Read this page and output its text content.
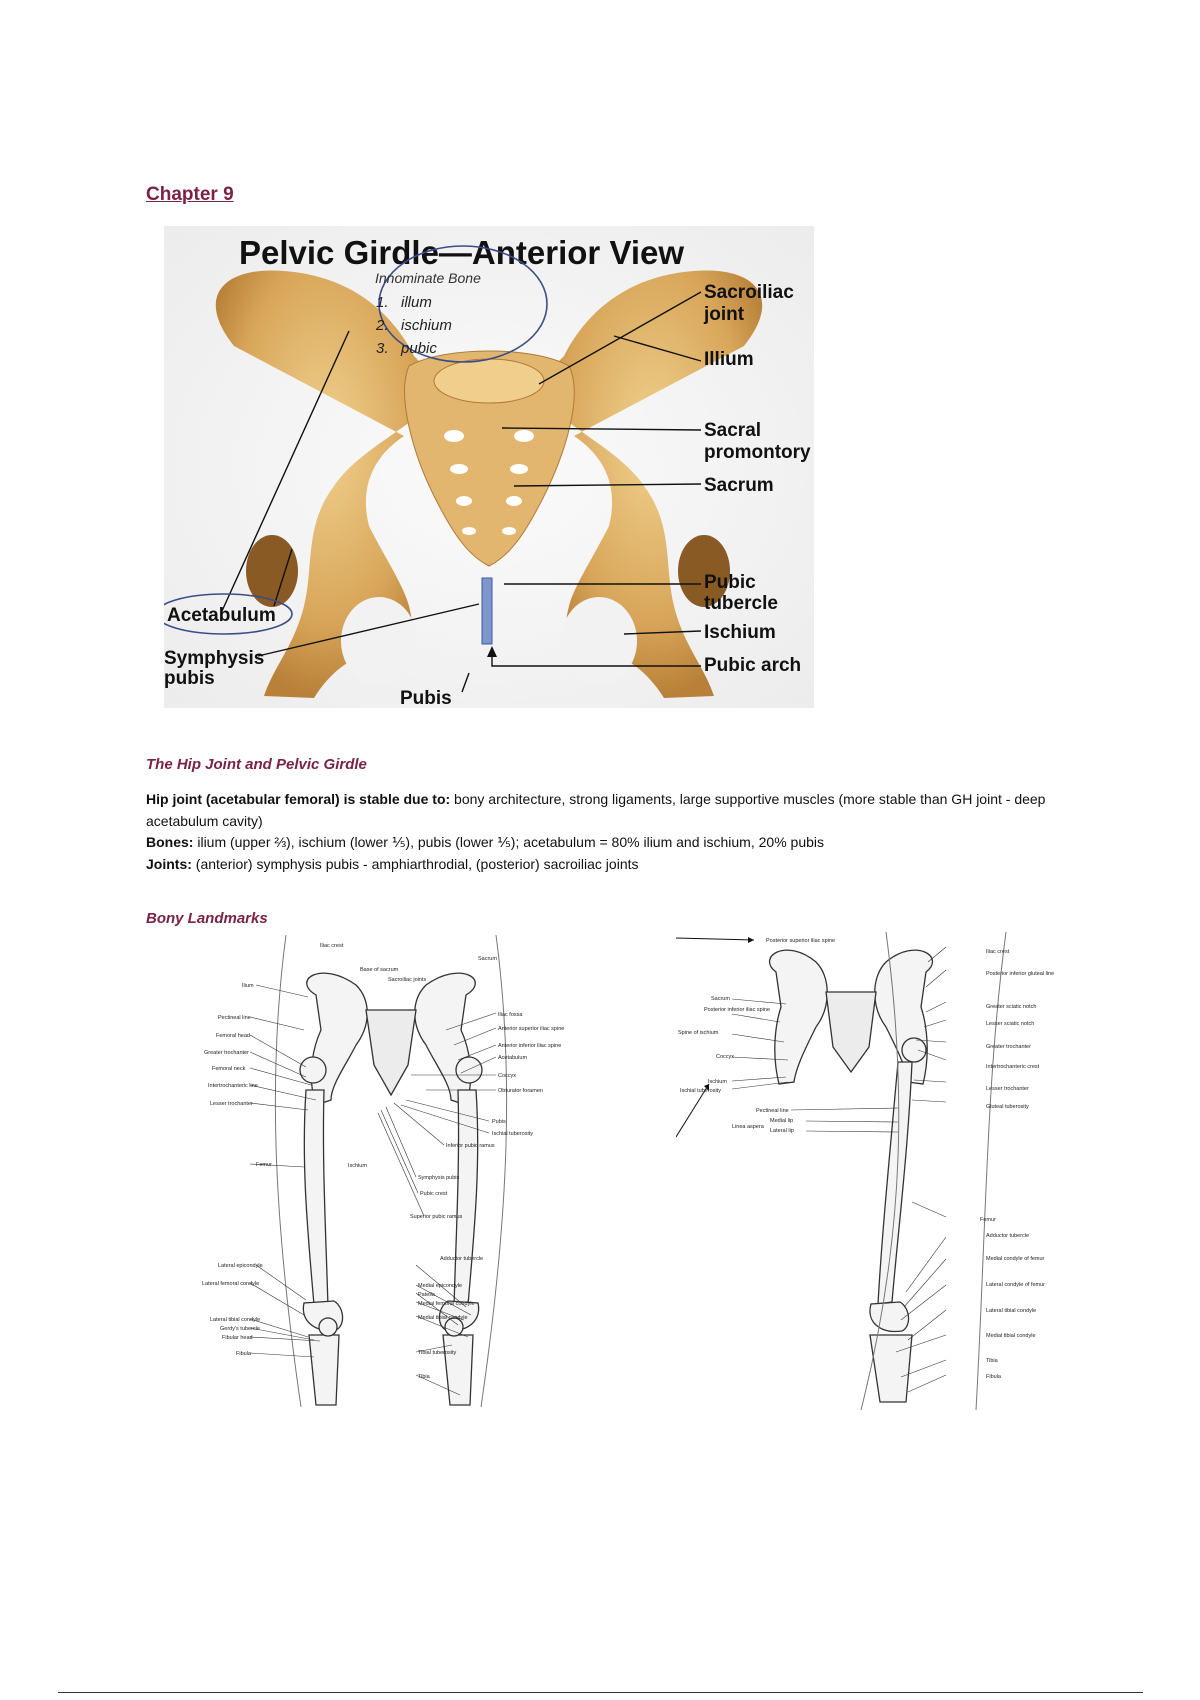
Chapter 9
Pelvic Girdle—Anterior View
Innominate Bone
1.   illum
2.   ischium
3.   pubic
Sacroiliac
joint
Illium
Sacral
promontory
Sacrum
Pubic
tubercle
Ischium
Pubic arch
Acetabulum
Symphysis
pubis
Pubis
The Hip Joint and Pelvic Girdle
Hip joint (acetabular femoral) is stable due to: bony architecture, strong ligaments, large supportive muscles (more stable than GH joint - deep acetabulum cavity)
Bones: ilium (upper ⅔), ischium (lower ⅕), pubis (lower ⅕); acetabulum = 80% ilium and ischium, 20% pubis
Joints: (anterior) symphysis pubis - amphiarthrodial, (posterior) sacroiliac joints
Bony Landmarks
Iliac crest
Sacrum
Base of sacrum
Sacroiliac joints
Ilium
Iliac fossa
Pectineal line
Anterior superior iliac spine
Femoral head
Anterior inferior iliac spine
Greater trochanter
Acetabulum
Femoral neck
Coccyx
Intertrochanteric line
Obturator foramen
Lesser trochanter
Pubis
Ischial tuberosity
Inferior pubic ramus
Femur	Ischium
Symphysis pubis
Pubic crest
Superior pubic ramus
Adductor tubercle
Lateral epicondyle
Medial epicondyle
Lateral femoral condyle
Patella
Medial femoral condyle
Lateral tibial condyle	Medial tibial condyle
Gerdy's tubercle
Fibular head
Fibula	Tibial tuberosity
Tibia
Posterior superior iliac spine
Iliac crest
Posterior inferior gluteal line
Sacrum
Posterior inferior iliac spine	Greater sciatic notch
Lesser sciatic notch
Spine of ischium
Greater trochanter
Coccyx
Intertrochanteric crest
Ischium
Ischial tuberosity	Lesser trochanter
Gluteal tuberosity
Pectineal line
Medial lip
Linea aspera
Lateral lip
Femur
Adductor tubercle
Medial condyle of femur
Lateral condyle of femur
Lateral tibial condyle
Medial tibial condyle
Tibia
Fibula
